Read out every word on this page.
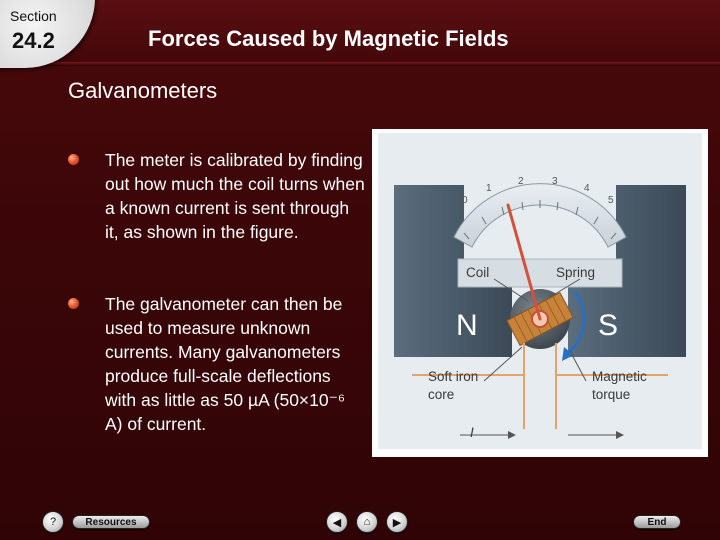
Section
24.2	Forces Caused by Magnetic Fields
Galvanometers
The meter is calibrated by finding out how much the coil turns when a known current is sent through it, as shown in the figure.
The galvanometer can then be used to measure unknown currents. Many galvanometers produce full-scale deflections with as little as 50 µA (50×10⁻⁶ A) of current.
0
1
2	3
4
5
Coil	Spring
N	S
Soft iron
core
Magnetic
torque
I
?	Resources	◀ ⌂ ▶	End
